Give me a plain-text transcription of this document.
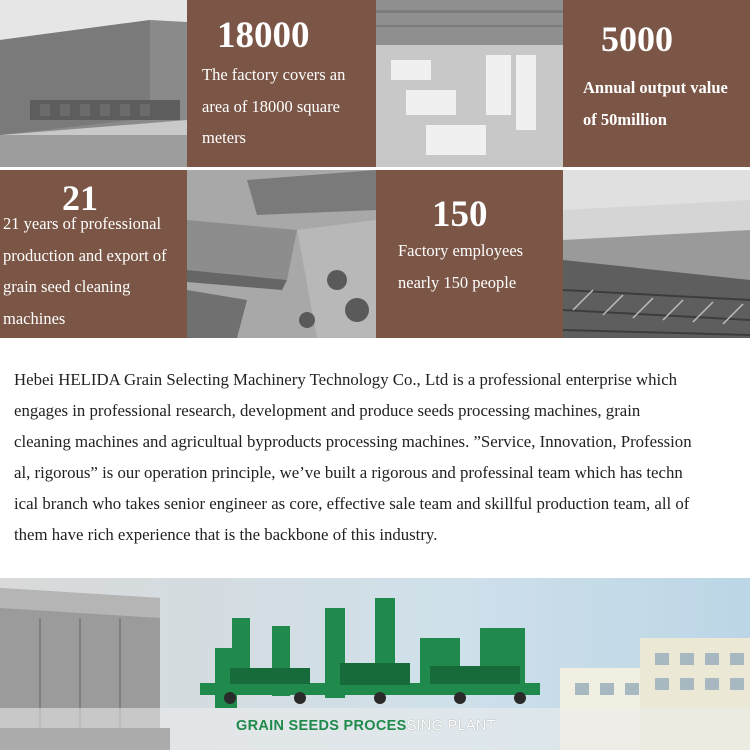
18000
The factory covers an
area of 18000 square
meters
5000
Annual output value
of 50million
21
21 years of professional
production and export of
grain seed cleaning
machines
150
Factory employees
nearly 150 people
Hebei HELIDA Grain Selecting Machinery Technology Co., Ltd is a professional enterprise which
engages in professional research, development and produce seeds processing machines, grain
cleaning machines and agricultual byproducts processing machines. ”Service, Innovation, Profession
al, rigorous” is our operation principle, we’ve built a rigorous and professinal team which has techn
ical branch who takes senior engineer as core, effective sale team and skillful production team, all of
them have rich experience that is the backbone of this industry.
GRAIN SEEDS PROCESSING PLANT
